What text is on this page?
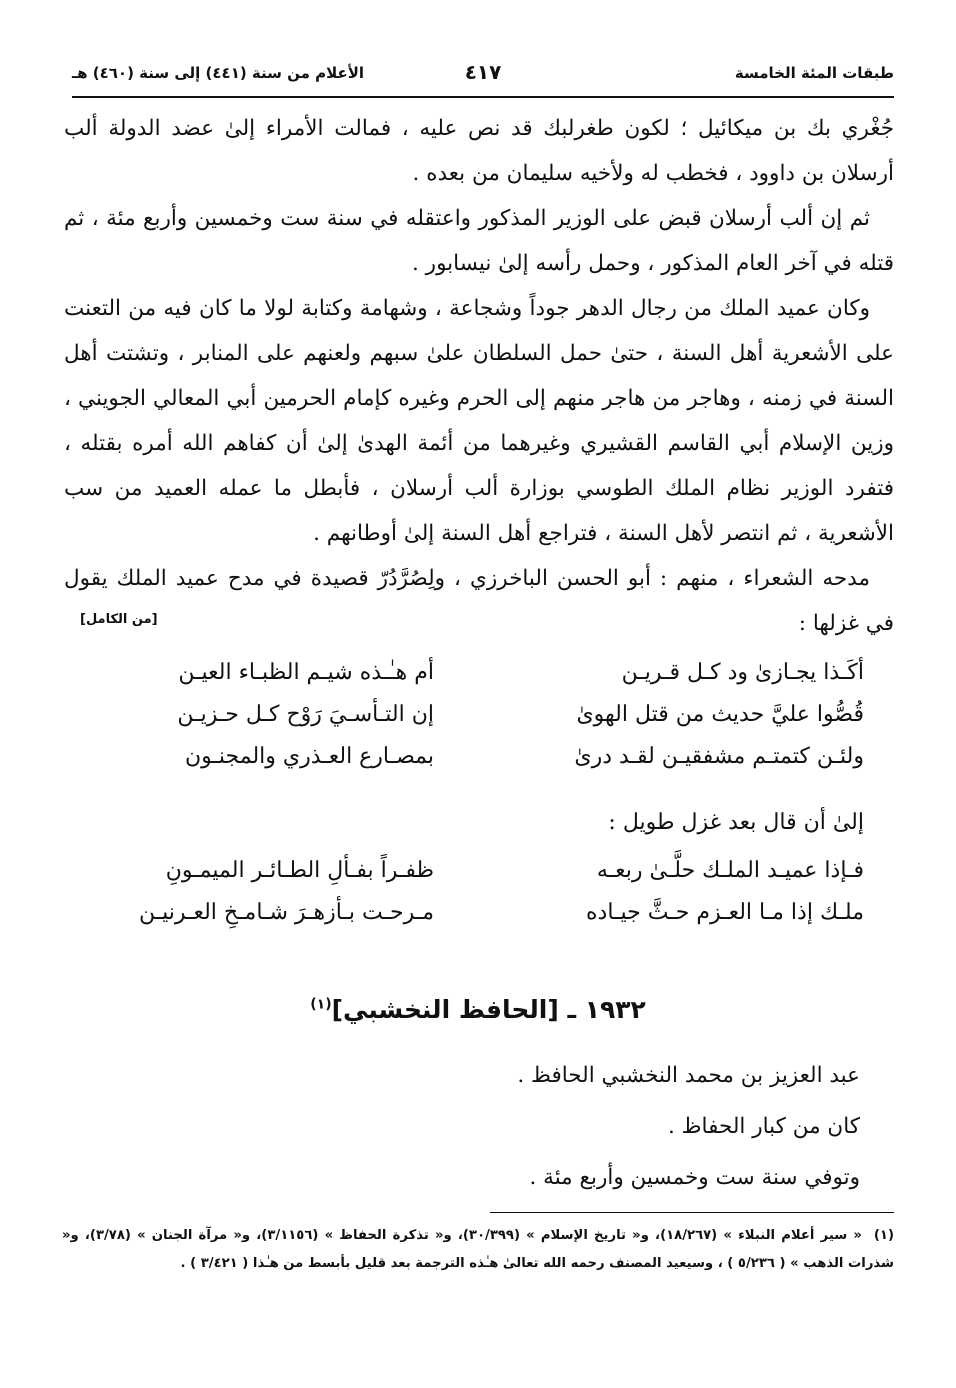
طبقات المئة الخامسة
٤١٧
الأعلام من سنة (٤٤١) إلى سنة (٤٦٠) هـ

جُغْري بك بن ميكائيل ؛ لكون طغرلبك قد نص عليه ، فمالت الأمراء إلىٰ عضد الدولة ألب أرسلان بن داوود ، فخطب له ولأخيه سليمان من بعده .

ثم إن ألب أرسلان قبض على الوزير المذكور واعتقله في سنة ست وخمسين وأربع مئة ، ثم قتله في آخر العام المذكور ، وحمل رأسه إلىٰ نيسابور .

وكان عميد الملك من رجال الدهر جوداً وشجاعة ، وشهامة وكتابة لولا ما كان فيه من التعنت على الأشعرية أهل السنة ، حتىٰ حمل السلطان علىٰ سبهم ولعنهم على المنابر ، وتشتت أهل السنة في زمنه ، وهاجر من هاجر منهم إلى الحرم وغيره كإمام الحرمين أبي المعالي الجويني ، وزين الإسلام أبي القاسم القشيري وغيرهما من أئمة الهدىٰ إلىٰ أن كفاهم الله أمره بقتله ، فتفرد الوزير نظام الملك الطوسي بوزارة ألب أرسلان ، فأبطل ما عمله العميد من سب الأشعرية ، ثم انتصر لأهل السنة ، فتراجع أهل السنة إلىٰ أوطانهم .

مدحه الشعراء ، منهم : أبو الحسن الباخرزي ، ولِصُرَّدُرّ قصيدة في مدح عميد الملك يقول في غزلها :

[من الكامل]
أكَـذا يجـازىٰ ود كـل قـريـن
أم هـٰـذه شيـم الظبـاء العيـن
قُصُّوا عليَّ حديث من قتل الهوىٰ
إن التـأسـيَ رَوْح كـل حـزيـن
ولئـن كتمتـم مشفقيـن لقـد درىٰ
بمصـارع العـذري والمجنـون
إلىٰ أن قال بعد غزل طويل :
فـإذا عميـد الملـك حلَّـىٰ ربعـه
ظفـراً بفـألِ الطـائـر الميمـونِ
ملـك إذا مـا العـزم حـثَّ جيـاده
مـرحـت بـأزهـرَ شـامـخِ العـرنيـن
١٩٣٢ ـ [الحافظ النخشبي]$^{(١)}$
عبد العزيز بن محمد النخشبي الحافظ .
كان من كبار الحفاظ .
وتوفي سنة ست وخمسين وأربع مئة .
(١)« سير أعلام النبلاء » (١٨/٢٦٧)، و« تاريخ الإسلام » (٣٠/٣٩٩)، و« تذكرة الحفاظ » (٣/١١٥٦)، و« مرآة الجنان » (٣/٧٨)، و« شذرات الذهب » ( ٥/٢٣٦ ) ، وسيعيد المصنف رحمه الله تعالىٰ هـٰذه الترجمة بعد قليل بأبسط من هـٰذا ( ٣/٤٢١ ) .
